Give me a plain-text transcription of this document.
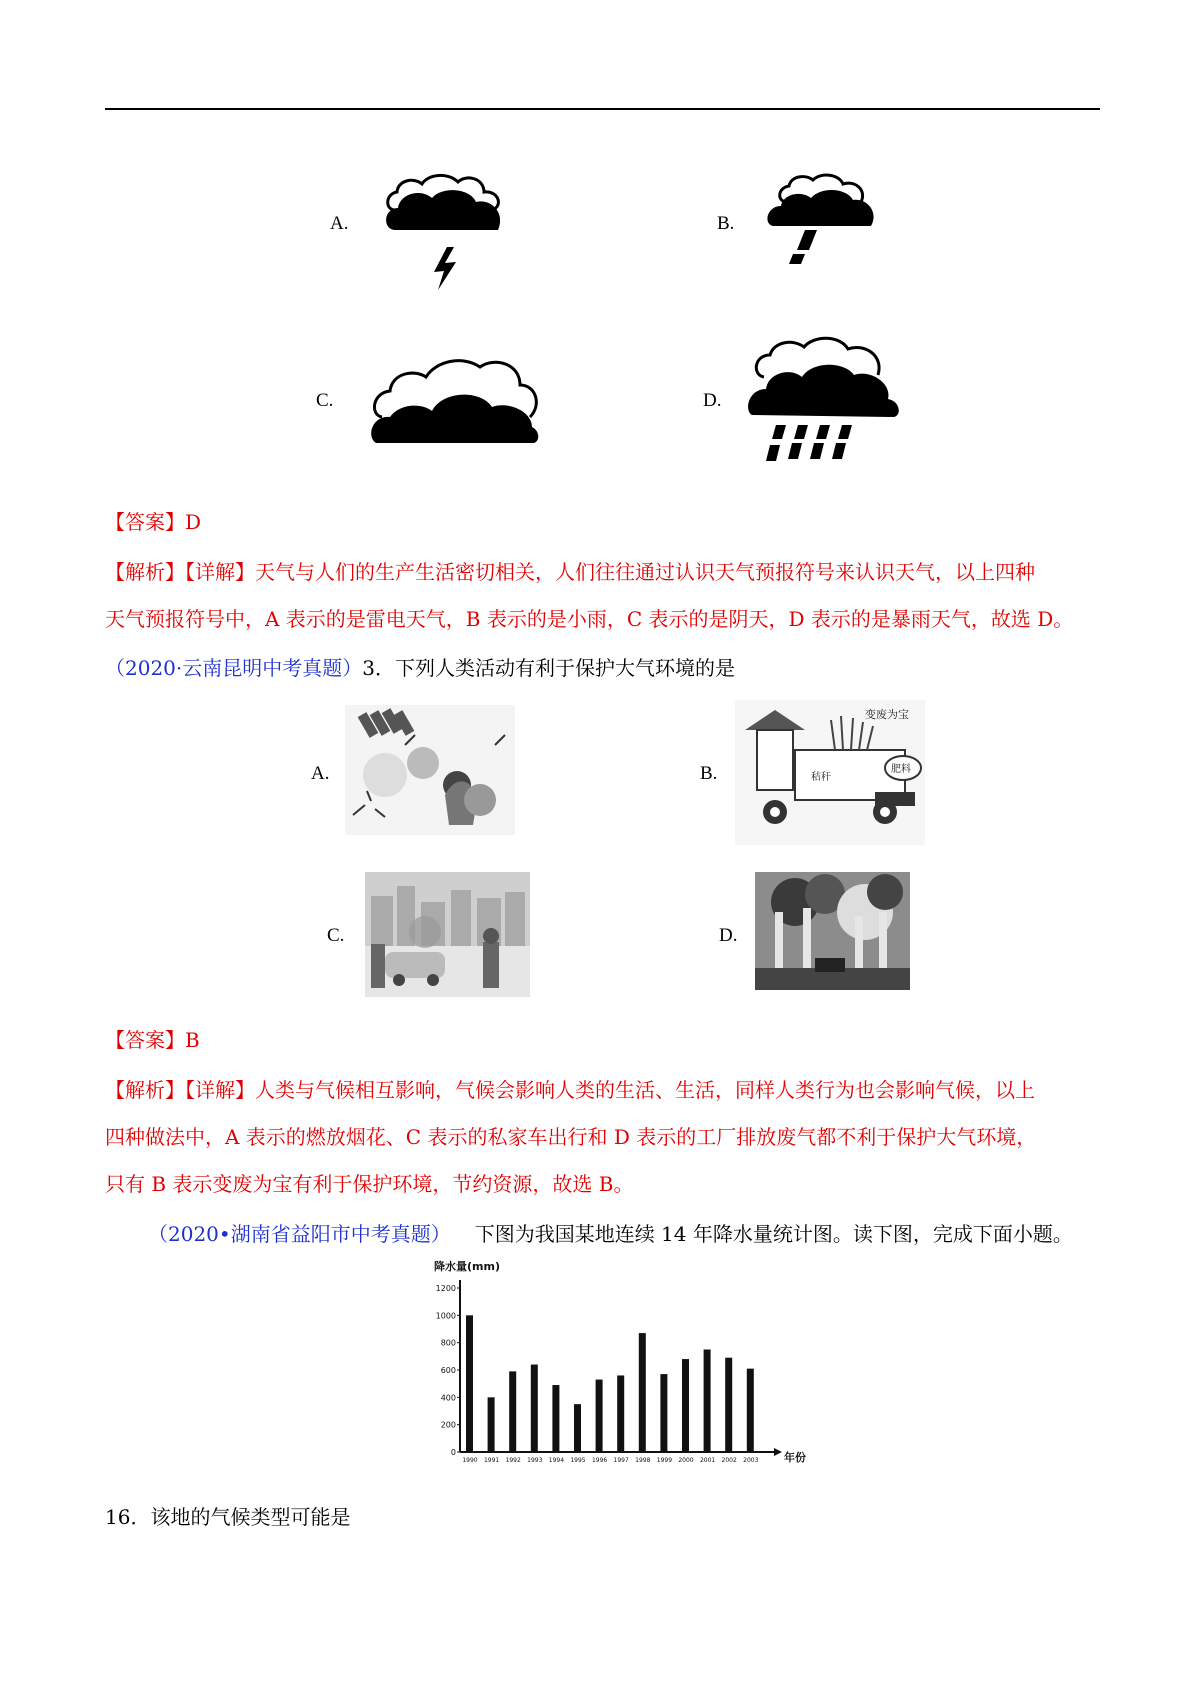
A.	B.
C.	D.
【答案】D
【解析】【详解】天气与人们的生产生活密切相关，人们往往通过认识天气预报符号来认识天气，以上四种
天气预报符号中，A 表示的是雷电天气，B 表示的是小雨，C 表示的是阴天，D 表示的是暴雨天气，故选 D。
（2020·云南昆明中考真题）3．下列人类活动有利于保护大气环境的是
A.	B.
变废为宝
秸秆
肥料
C.	D.
【答案】B
【解析】【详解】人类与气候相互影响，气候会影响人类的生活、生活，同样人类行为也会影响气候，以上
四种做法中，A 表示的燃放烟花、C 表示的私家车出行和 D 表示的工厂排放废气都不利于保护大气环境，
只有 B 表示变废为宝有利于保护环境，节约资源，故选 B。
（2020•湖南省益阳市中考真题） 下图为我国某地连续 14 年降水量统计图。读下图，完成下面小题。
降水量(mm)
0
200
400
600
800
1000
1200
1990 1991 1992 1993 1994 1995 1996 1997 1998 1999 2000 2001 2002 2003 年份
16．该地的气候类型可能是
